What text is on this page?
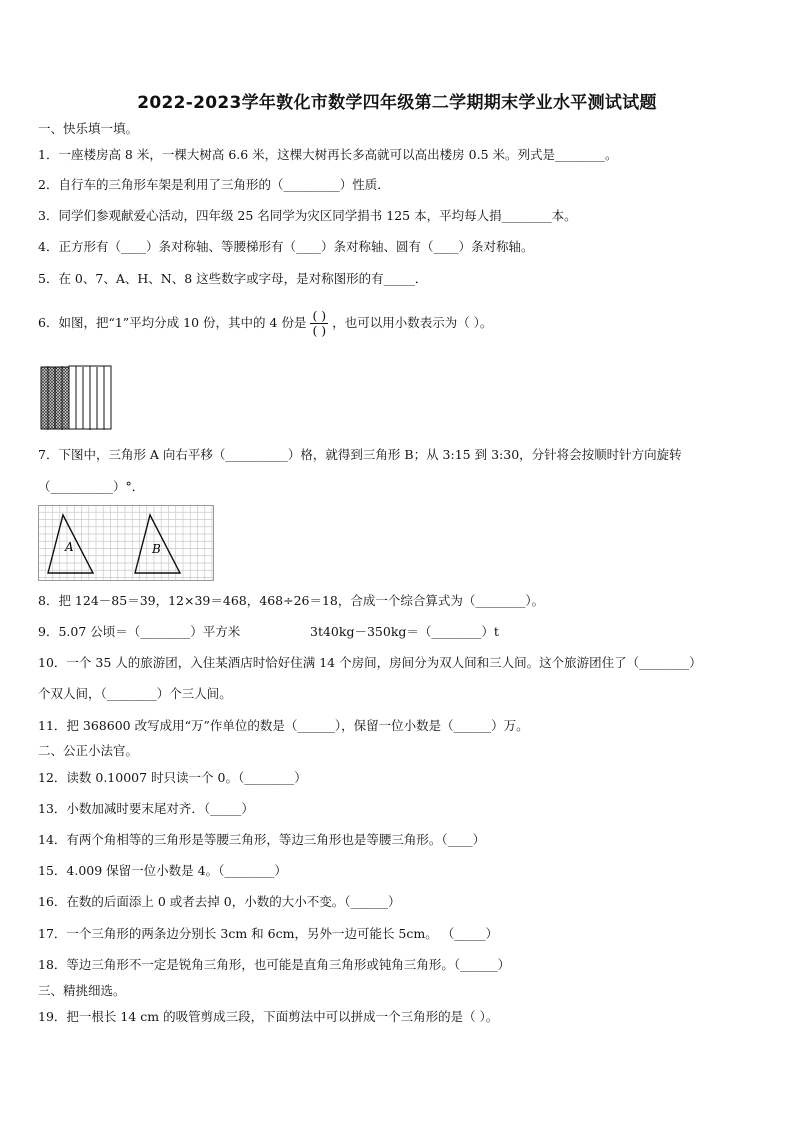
2022-2023学年敦化市数学四年级第二学期期末学业水平测试试题
一、快乐填一填。
1．一座楼房高 8 米，一棵大树高 6.6 米，这棵大树再长多高就可以高出楼房 0.5 米。列式是________。
2．自行车的三角形车架是利用了三角形的（_________）性质．
3．同学们参观献爱心活动，四年级 25 名同学为灾区同学捐书 125 本，平均每人捐________本。
4．正方形有（____）条对称轴、等腰梯形有（____）条对称轴、圆有（____）条对称轴。
5．在 0、7、A、H、N、8 这些数字或字母，是对称图形的有_____．
6．如图，把“1”平均分成 10 份，其中的 4 份是 $\frac{( )}{( )}$ ，也可以用小数表示为（ ）。
7．下图中，三角形 A 向右平移（__________）格，就得到三角形 B；从 3:15 到 3:30，分针将会按顺时针方向旋转
（__________）°．
A	B
8．把 124－85＝39，12×39＝468，468÷26＝18，合成一个综合算式为（________）。
9．5.07 公顷＝（________）平方米	3t40kg－350kg＝（________）t
10．一个 35 人的旅游团，入住某酒店时恰好住满 14 个房间，房间分为双人间和三人间。这个旅游团住了（________）
个双人间，（________）个三人间。
11．把 368600 改写成用“万”作单位的数是（______），保留一位小数是（______）万。
二、公正小法官。
12．读数 0.10007 时只读一个 0。（________）
13．小数加减时要末尾对齐．（_____）
14．有两个角相等的三角形是等腰三角形，等边三角形也是等腰三角形。（____）
15．4.009 保留一位小数是 4。（________）
16．在数的后面添上 0 或者去掉 0，小数的大小不变。（______）
17．一个三角形的两条边分别长 3cm 和 6cm，另外一边可能长 5cm。 （_____）
18．等边三角形不一定是锐角三角形，也可能是直角三角形或钝角三角形。（______）
三、精挑细选。
19．把一根长 14 cm 的吸管剪成三段，下面剪法中可以拼成一个三角形的是（ ）。
